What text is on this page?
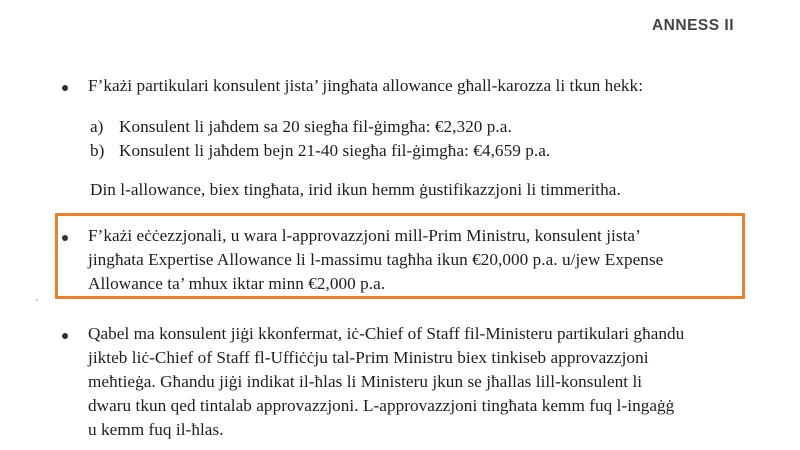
ANNESS II
F’każi partikulari konsulent jista’ jingħata allowance għall-karozza li tkun hekk:
a) Konsulent li jaħdem sa 20 siegħa fil-ġimgħa: €2,320 p.a.
b) Konsulent li jaħdem bejn 21-40 siegħa fil-ġimgħa: €4,659 p.a.
Din l-allowance, biex tingħata, irid ikun hemm ġustifikazzjoni li timmeritha.
F’każi eċċezzjonali, u wara l-approvazzjoni mill-Prim Ministru, konsulent jista’
jingħata Expertise Allowance li l-massimu tagħha ikun €20,000 p.a. u/jew Expense
Allowance ta’ mhux iktar minn €2,000 p.a.
Qabel ma konsulent jiġi kkonfermat, iċ-Chief of Staff fil-Ministeru partikulari għandu
jikteb liċ-Chief of Staff fl-Uffiċċju tal-Prim Ministru biex tinkiseb approvazzjoni
meħtieġa. Għandu jiġi indikat il-ħlas li Ministeru jkun se jħallas lill-konsulent li
dwaru tkun qed tintalab approvazzjoni. L-approvazzjoni tingħata kemm fuq l-ingaġġ
u kemm fuq il-ħlas.
